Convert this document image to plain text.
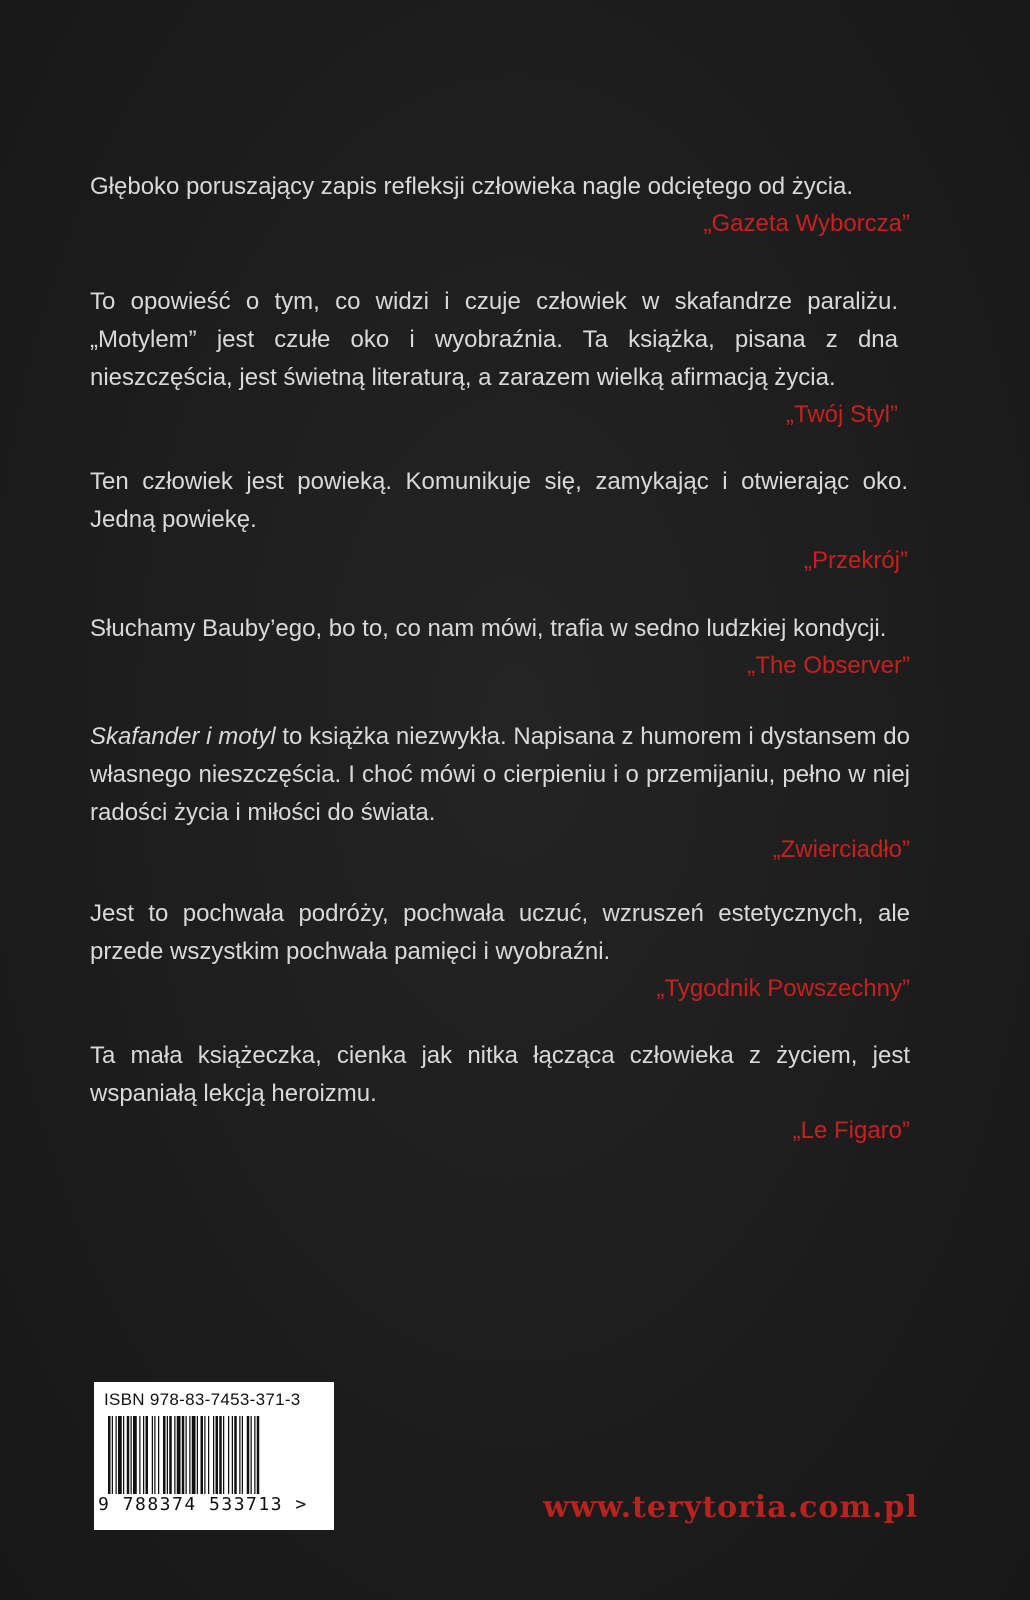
Głęboko poruszający zapis refleksji człowieka nagle odciętego od życia.

„Gazeta Wyborcza”

To opowieść o tym, co widzi i czuje człowiek w skafandrze paraliżu. „Motylem” jest czułe oko i wyobraźnia. Ta książka, pisana z dna nieszczęścia, jest świetną literaturą, a zarazem wielką afirmacją życia.

„Twój Styl”

Ten człowiek jest powieką. Komunikuje się, zamykając i otwierając oko. Jedną powiekę.

„Przekrój”

Słuchamy Bauby’ego, bo to, co nam mówi, trafia w sedno ludzkiej kondycji.

„The Observer”

Skafander i motyl to książka niezwykła. Napisana z humorem i dystansem do własnego nieszczęścia. I choć mówi o cierpieniu i o przemijaniu, pełno w niej radości życia i miłości do świata.

„Zwierciadło”

Jest to pochwała podróży, pochwała uczuć, wzruszeń estetycznych, ale przede wszystkim pochwała pamięci i wyobraźni.

„Tygodnik Powszechny”

Ta mała książeczka, cienka jak nitka łącząca człowieka z życiem, jest wspaniałą lekcją heroizmu.

„Le Figaro”

ISBN 978-83-7453-371-3
9 788374 533713 >	www.terytoria.com.pl
